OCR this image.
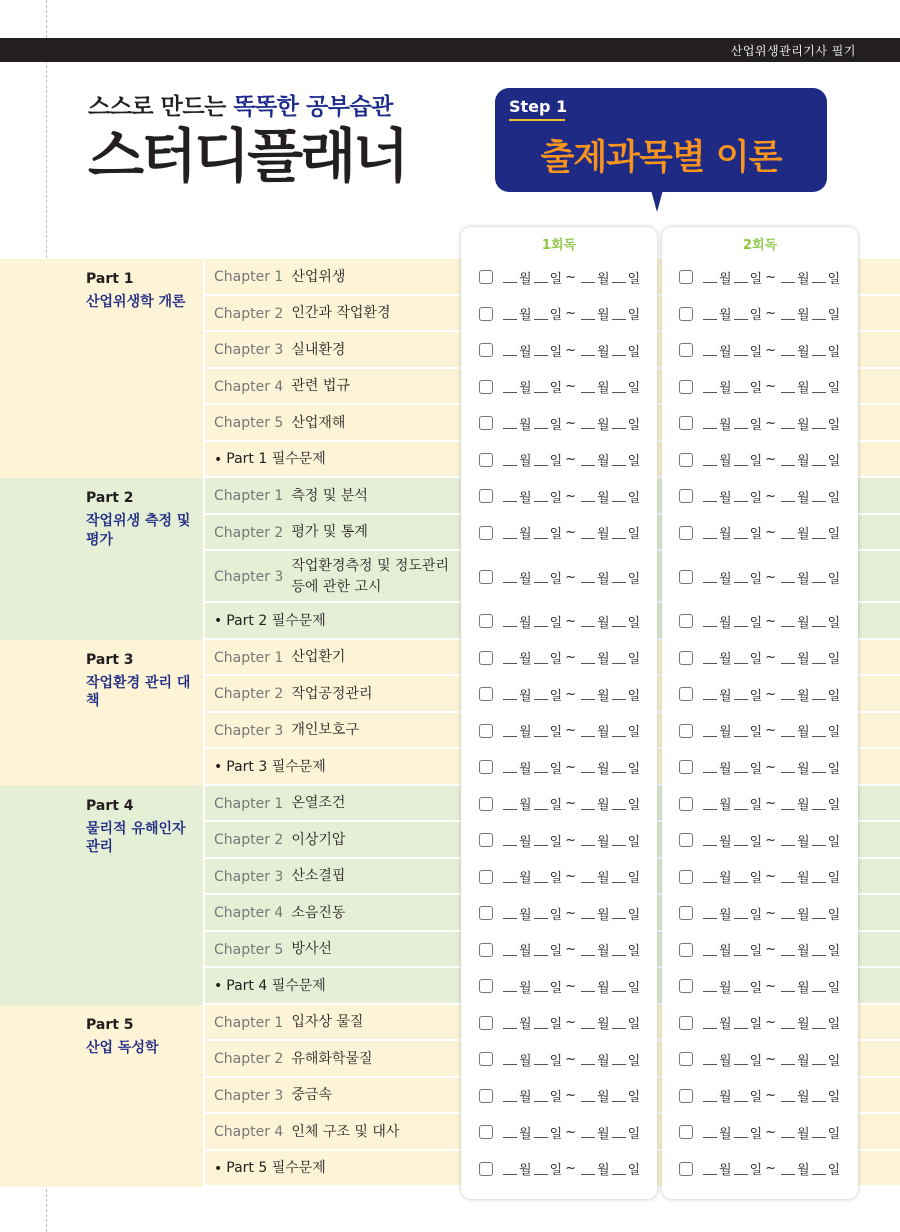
산업위생관리기사 필기
스스로 만드는 똑똑한 공부습관
스터디플래너
Step 1
출제과목별 이론
1회독	2회독
Part 1
산업위생학 개론
Chapter 1 산업위생	월 일 ~ 월 일	월 일 ~ 월 일
Chapter 2 인간과 작업환경	월 일 ~ 월 일	월 일 ~ 월 일
Chapter 3 실내환경	월 일 ~ 월 일	월 일 ~ 월 일
Chapter 4 관련 법규	월 일 ~ 월 일	월 일 ~ 월 일
Chapter 5 산업재해	월 일 ~ 월 일	월 일 ~ 월 일
• Part 1 필수문제	월 일 ~ 월 일	월 일 ~ 월 일
Part 2
작업위생 측정 및 평가
Chapter 1 측정 및 분석	월 일 ~ 월 일	월 일 ~ 월 일
Chapter 2 평가 및 통계	월 일 ~ 월 일	월 일 ~ 월 일
Chapter 3
작업환경측정 및 정도관리
등에 관한 고시	월 일 ~ 월 일	월 일 ~ 월 일
• Part 2 필수문제	월 일 ~ 월 일	월 일 ~ 월 일
Part 3
작업환경 관리 대책
Chapter 1 산업환기	월 일 ~ 월 일	월 일 ~ 월 일
Chapter 2 작업공정관리	월 일 ~ 월 일	월 일 ~ 월 일
Chapter 3 개인보호구	월 일 ~ 월 일	월 일 ~ 월 일
• Part 3 필수문제	월 일 ~ 월 일	월 일 ~ 월 일
Part 4
물리적 유해인자 관리
Chapter 1 온열조건	월 일 ~ 월 일	월 일 ~ 월 일
Chapter 2 이상기압	월 일 ~ 월 일	월 일 ~ 월 일
Chapter 3 산소결핍	월 일 ~ 월 일	월 일 ~ 월 일
Chapter 4 소음진동	월 일 ~ 월 일	월 일 ~ 월 일
Chapter 5 방사선	월 일 ~ 월 일	월 일 ~ 월 일
• Part 4 필수문제	월 일 ~ 월 일	월 일 ~ 월 일
Part 5
산업 독성학
Chapter 1 입자상 물질	월 일 ~ 월 일	월 일 ~ 월 일
Chapter 2 유해화학물질	월 일 ~ 월 일	월 일 ~ 월 일
Chapter 3 중금속	월 일 ~ 월 일	월 일 ~ 월 일
Chapter 4 인체 구조 및 대사	월 일 ~ 월 일	월 일 ~ 월 일
• Part 5 필수문제	월 일 ~ 월 일	월 일 ~ 월 일
